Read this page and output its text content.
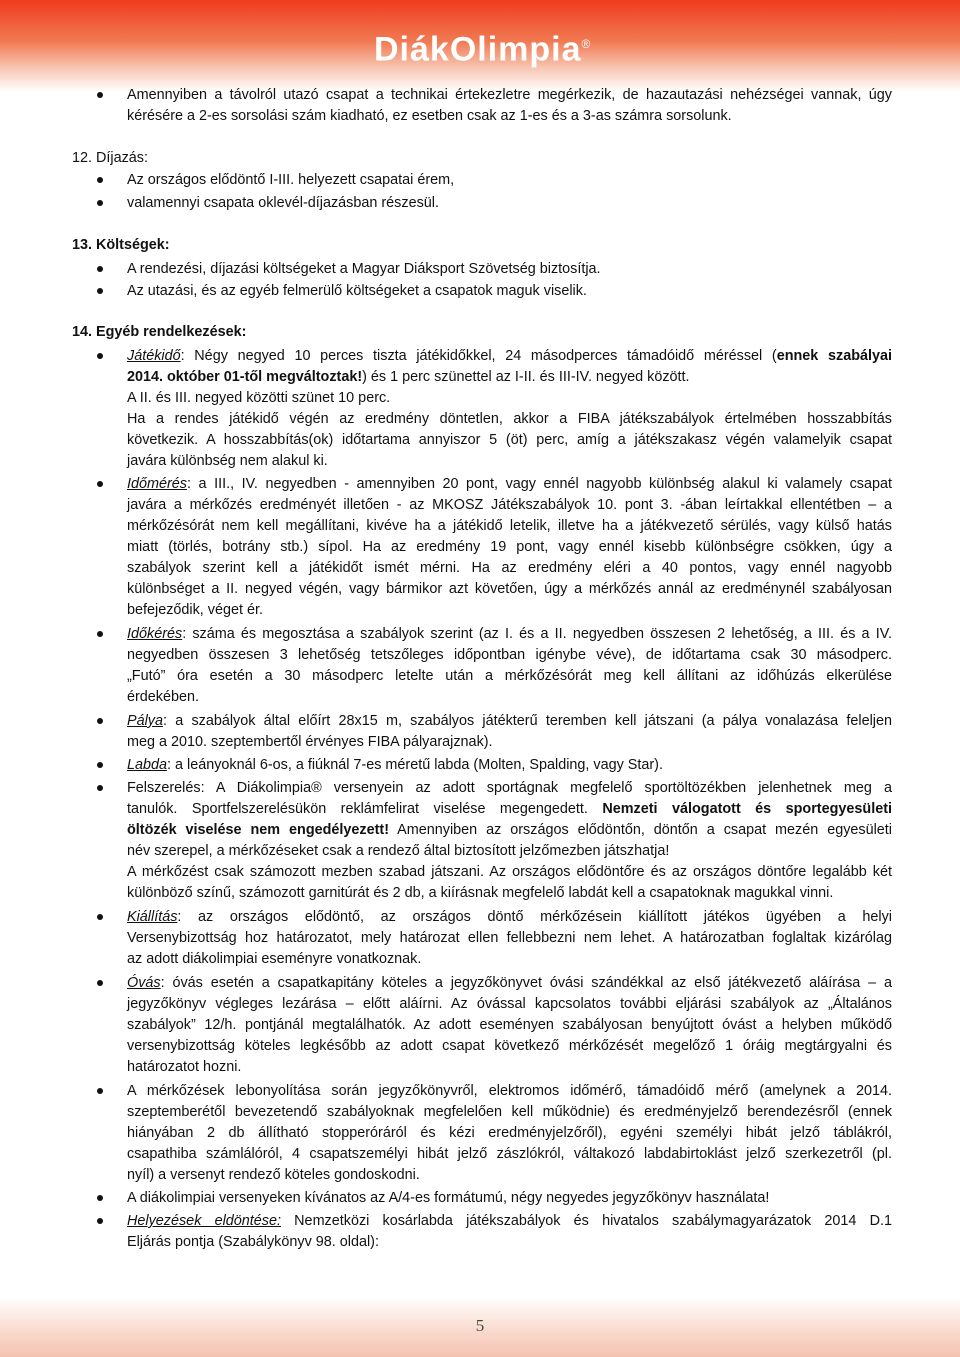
DiákOlimpia®
Amennyiben a távolról utazó csapat a technikai értekezletre megérkezik, de hazautazási nehézségei vannak, úgy
kérésére a 2-es sorsolási szám kiadható, ez esetben csak az 1-es és a 3-as számra sorsolunk.
12. Díjazás:
Az országos elődöntő I-III. helyezett csapatai érem,
valamennyi csapata oklevél-díjazásban részesül.
13. Költségek:
A rendezési, díjazási költségeket a Magyar Diáksport Szövetség biztosítja.
Az utazási, és az egyéb felmerülő költségeket a csapatok maguk viselik.
14. Egyéb rendelkezések:
Játékidő: Négy negyed 10 perces tiszta játékidőkkel, 24 másodperces támadóidő méréssel (ennek szabályai
2014. október 01-től megváltoztak!) és 1 perc szünettel az I-II. és III-IV. negyed között.
A II. és III. negyed közötti szünet 10 perc.
Ha a rendes játékidő végén az eredmény döntetlen, akkor a FIBA játékszabályok értelmében hosszabbítás
következik. A hosszabbítás(ok) időtartama annyiszor 5 (öt) perc, amíg a játékszakasz végén valamelyik csapat
javára különbség nem alakul ki.
Időmérés: a III., IV. negyedben - amennyiben 20 pont, vagy ennél nagyobb különbség alakul ki valamely csapat
javára a mérkőzés eredményét illetően - az MKOSZ Játékszabályok 10. pont 3. -ában leírtakkal ellentétben – a
mérkőzésórát nem kell megállítani, kivéve ha a játékidő letelik, illetve ha a játékvezető sérülés, vagy külső hatás
miatt (törlés, botrány stb.) sípol. Ha az eredmény 19 pont, vagy ennél kisebb különbségre csökken, úgy a
szabályok szerint kell a játékidőt ismét mérni. Ha az eredmény eléri a 40 pontos, vagy ennél nagyobb
különbséget a II. negyed végén, vagy bármikor azt követően, úgy a mérkőzés annál az eredménynél szabályosan
befejeződik, véget ér.
Időkérés: száma és megosztása a szabályok szerint (az I. és a II. negyedben összesen 2 lehetőség, a III. és a IV.
negyedben összesen 3 lehetőség tetszőleges időpontban igénybe véve), de időtartama csak 30 másodperc.
„Futó” óra esetén a 30 másodperc letelte után a mérkőzésórát meg kell állítani az időhúzás elkerülése
érdekében.
Pálya: a szabályok által előírt 28x15 m, szabályos játékterű teremben kell játszani (a pálya vonalazása feleljen
meg a 2010. szeptembertől érvényes FIBA pályarajznak).
Labda: a leányoknál 6-os, a fiúknál 7-es méretű labda (Molten, Spalding, vagy Star).
Felszerelés: A Diákolimpia® versenyein az adott sportágnak megfelelő sportöltözékben jelenhetnek meg a
tanulók. Sportfelszerelésükön reklámfelirat viselése megengedett. Nemzeti válogatott és sportegyesületi
öltözék viselése nem engedélyezett! Amennyiben az országos elődöntőn, döntőn a csapat mezén egyesületi
név szerepel, a mérkőzéseket csak a rendező által biztosított jelzőmezben játszhatja!
A mérkőzést csak számozott mezben szabad játszani. Az országos elődöntőre és az országos döntőre legalább két
különböző színű, számozott garnitúrát és 2 db, a kiírásnak megfelelő labdát kell a csapatoknak magukkal vinni.
Kiállítás: az országos elődöntő, az országos döntő mérkőzésein kiállított játékos ügyében a helyi
Versenybizottság hoz határozatot, mely határozat ellen fellebbezni nem lehet. A határozatban foglaltak kizárólag
az adott diákolimpiai eseményre vonatkoznak.
Óvás: óvás esetén a csapatkapitány köteles a jegyzőkönyvet óvási szándékkal az első játékvezető aláírása – a
jegyzőkönyv végleges lezárása – előtt aláírni. Az óvással kapcsolatos további eljárási szabályok az „Általános
szabályok” 12/h. pontjánál megtalálhatók. Az adott eseményen szabályosan benyújtott óvást a helyben működő
versenybizottság köteles legkésőbb az adott csapat következő mérkőzését megelőző 1 óráig megtárgyalni és
határozatot hozni.
A mérkőzések lebonyolítása során jegyzőkönyvről, elektromos időmérő, támadóidő mérő (amelynek a 2014.
szeptemberétől bevezetendő szabályoknak megfelelően kell működnie) és eredményjelző berendezésről (ennek
hiányában 2 db állítható stopperóráról és kézi eredményjelzőről), egyéni személyi hibát jelző táblákról,
csapathiba számlálóról, 4 csapatszemélyi hibát jelző zászlókról, váltakozó labdabirtoklást jelző szerkezetről (pl.
nyíl) a versenyt rendező köteles gondoskodni.
A diákolimpiai versenyeken kívánatos az A/4-es formátumú, négy negyedes jegyzőkönyv használata!
Helyezések eldöntése: Nemzetközi kosárlabda játékszabályok és hivatalos szabálymagyarázatok 2014 D.1
Eljárás pontja (Szabálykönyv 98. oldal):
5
